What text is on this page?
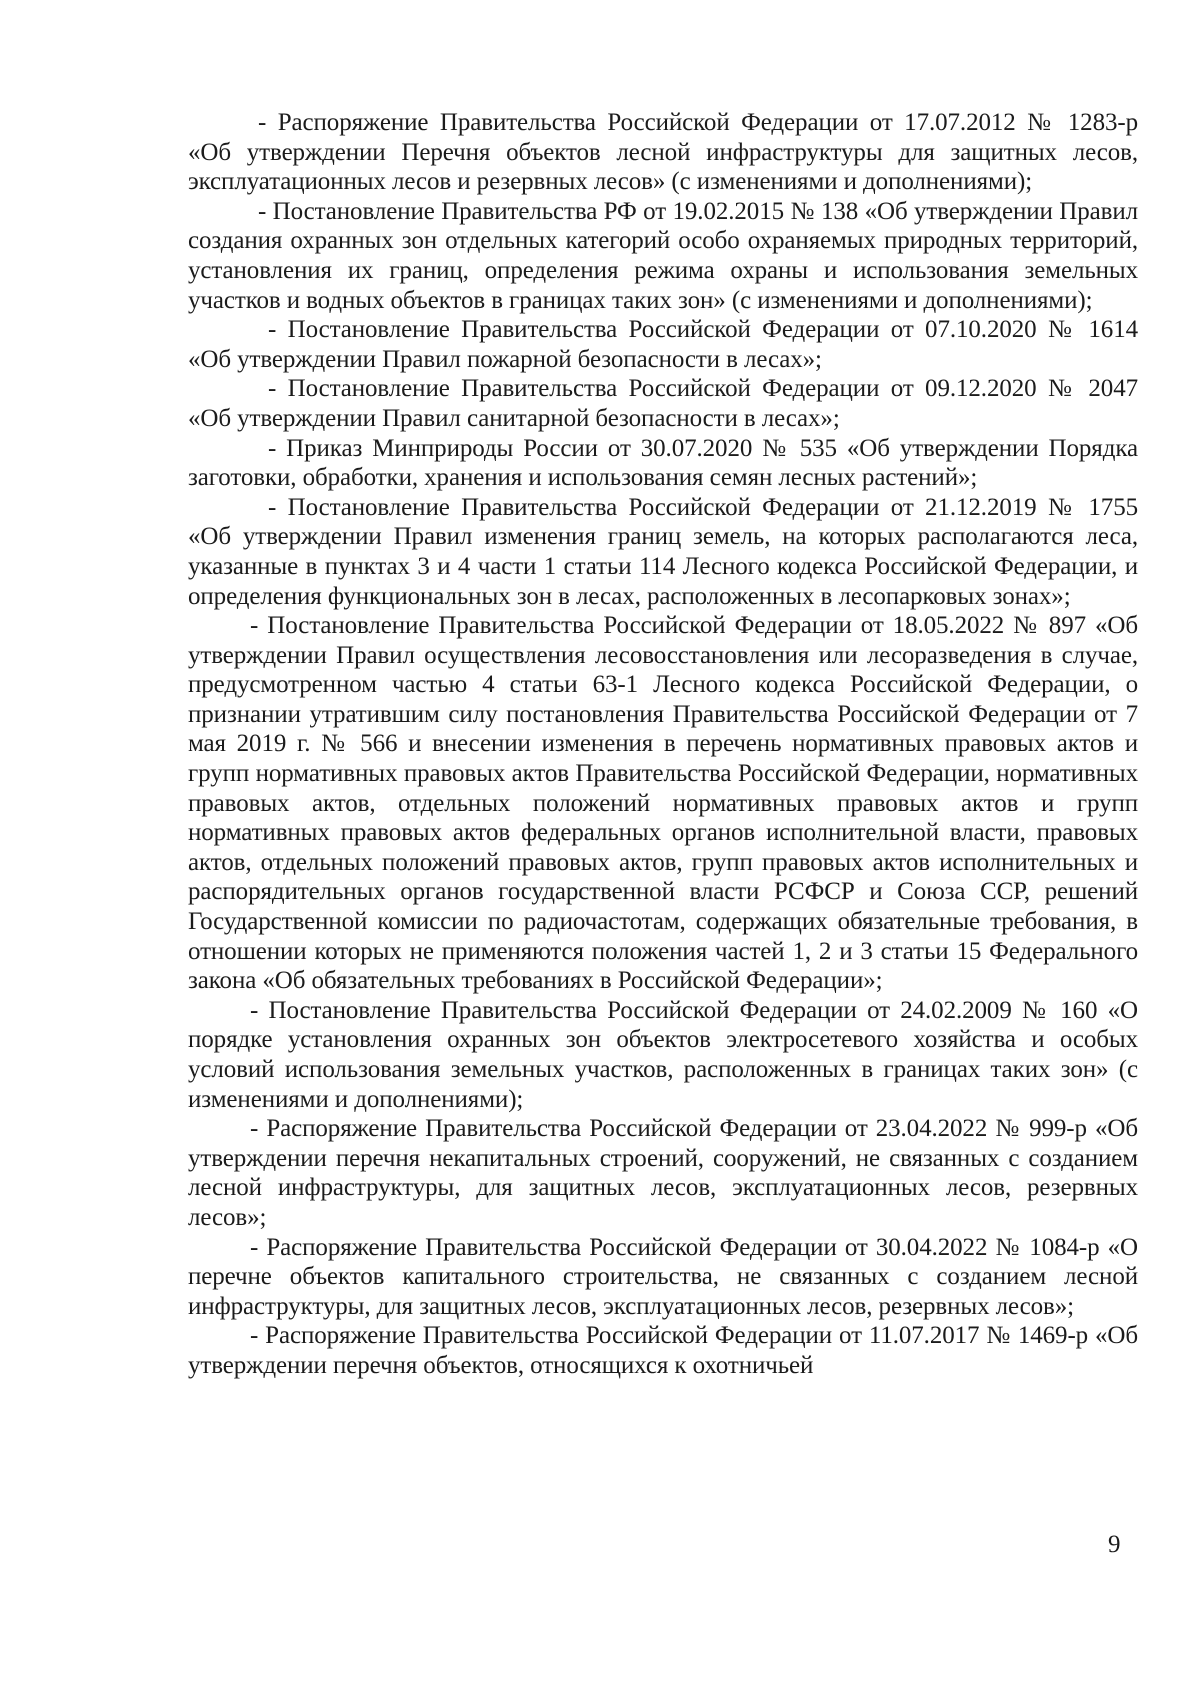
- Распоряжение Правительства Российской Федерации от 17.07.2012 № 1283-р «Об утверждении Перечня объектов лесной инфраструктуры для защитных лесов, эксплуатационных лесов и резервных лесов» (с изменениями и дополнениями);

- Постановление Правительства РФ от 19.02.2015 № 138 «Об утверждении Правил создания охранных зон отдельных категорий особо охраняемых природных территорий, установления их границ, определения режима охраны и использования земельных участков и водных объектов в границах таких зон» (с изменениями и дополнениями);

- Постановление Правительства Российской Федерации от 07.10.2020 № 1614 «Об утверждении Правил пожарной безопасности в лесах»;

- Постановление Правительства Российской Федерации от 09.12.2020 № 2047 «Об утверждении Правил санитарной безопасности в лесах»;

- Приказ Минприроды России от 30.07.2020 № 535 «Об утверждении Порядка заготовки, обработки, хранения и использования семян лесных растений»;

- Постановление Правительства Российской Федерации от 21.12.2019 № 1755 «Об утверждении Правил изменения границ земель, на которых располагаются леса, указанные в пунктах 3 и 4 части 1 статьи 114 Лесного кодекса Российской Федерации, и определения функциональных зон в лесах, расположенных в лесопарковых зонах»;

- Постановление Правительства Российской Федерации от 18.05.2022 № 897 «Об утверждении Правил осуществления лесовосстановления или лесоразведения в случае, предусмотренном частью 4 статьи 63-1 Лесного кодекса Российской Федерации, о признании утратившим силу постановления Правительства Российской Федерации от 7 мая 2019 г. № 566 и внесении изменения в перечень нормативных правовых актов и групп нормативных правовых актов Правительства Российской Федерации, нормативных правовых актов, отдельных положений нормативных правовых актов и групп нормативных правовых актов федеральных органов исполнительной власти, правовых актов, отдельных положений правовых актов, групп правовых актов исполнительных и распорядительных органов государственной власти РСФСР и Союза ССР, решений Государственной комиссии по радиочастотам, содержащих обязательные требования, в отношении которых не применяются положения частей 1, 2 и 3 статьи 15 Федерального закона «Об обязательных требованиях в Российской Федерации»;

- Постановление Правительства Российской Федерации от 24.02.2009 № 160 «О порядке установления охранных зон объектов электросетевого хозяйства и особых условий использования земельных участков, расположенных в границах таких зон» (с изменениями и дополнениями);

- Распоряжение Правительства Российской Федерации от 23.04.2022 № 999-р «Об утверждении перечня некапитальных строений, сооружений, не связанных с созданием лесной инфраструктуры, для защитных лесов, эксплуатационных лесов, резервных лесов»;

- Распоряжение Правительства Российской Федерации от 30.04.2022 № 1084-р «О перечне объектов капитального строительства, не связанных с созданием лесной инфраструктуры, для защитных лесов, эксплуатационных лесов, резервных лесов»;

- Распоряжение Правительства Российской Федерации от 11.07.2017 № 1469-р «Об утверждении перечня объектов, относящихся к охотничьей

9
